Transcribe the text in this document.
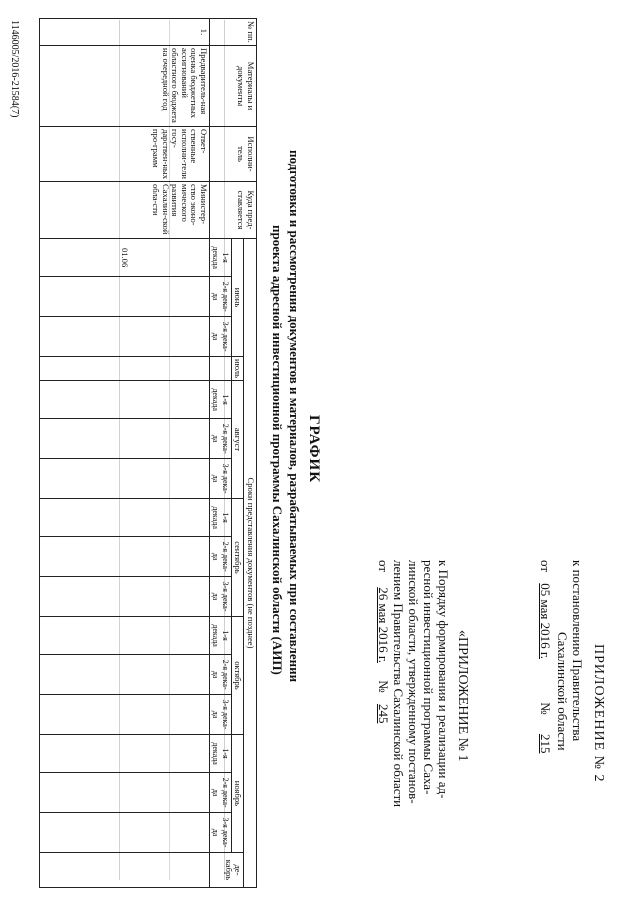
ПРИЛОЖЕНИЕ № 2
к постановлению Правительства
Сахалинской области
от 05 мая 2016 г. № 215
«ПРИЛОЖЕНИЕ № 1
к Порядку формирования и реализации ад-
ресной инвестиционной программы Саха-
линской области, утвержденному постанов-
лением Правительства Сахалинской области
от 26 мая 2016 г. № 245
ГРАФИК
подготовки и рассмотрения документов и материалов, разрабатываемых при составлении
проекта адресной инвестиционной программы Сахалинской области (АИП)
№ пп.	Материалы и документы	Исполни-тель	Куда пред-ставляется	Сроки представления документов (не позднее)																
				июнь			июль	август			сентябрь			октябрь			ноябрь			де-кабрь
				1-я декада	2-я дека-да	3-я дека-да		1-я декада	2-я дека-да	3-я дека-да	1-я декада	2-я дека-да	3-я дека-да	1-я декада	2-я дека-да	3-я дека-да	1-я декада	2-я дека-да	3-я дека-да	
1.	Предваритель-ная оценка бюджетных ассигнований областного бюджета на очередной год	Ответ-ственные исполни-тели госу-дарствен-ных про-грамм	Министер-ство эконо-мического развития Сахалин-ской обла-сти	01.06																
1146005/2016-21584(7)
